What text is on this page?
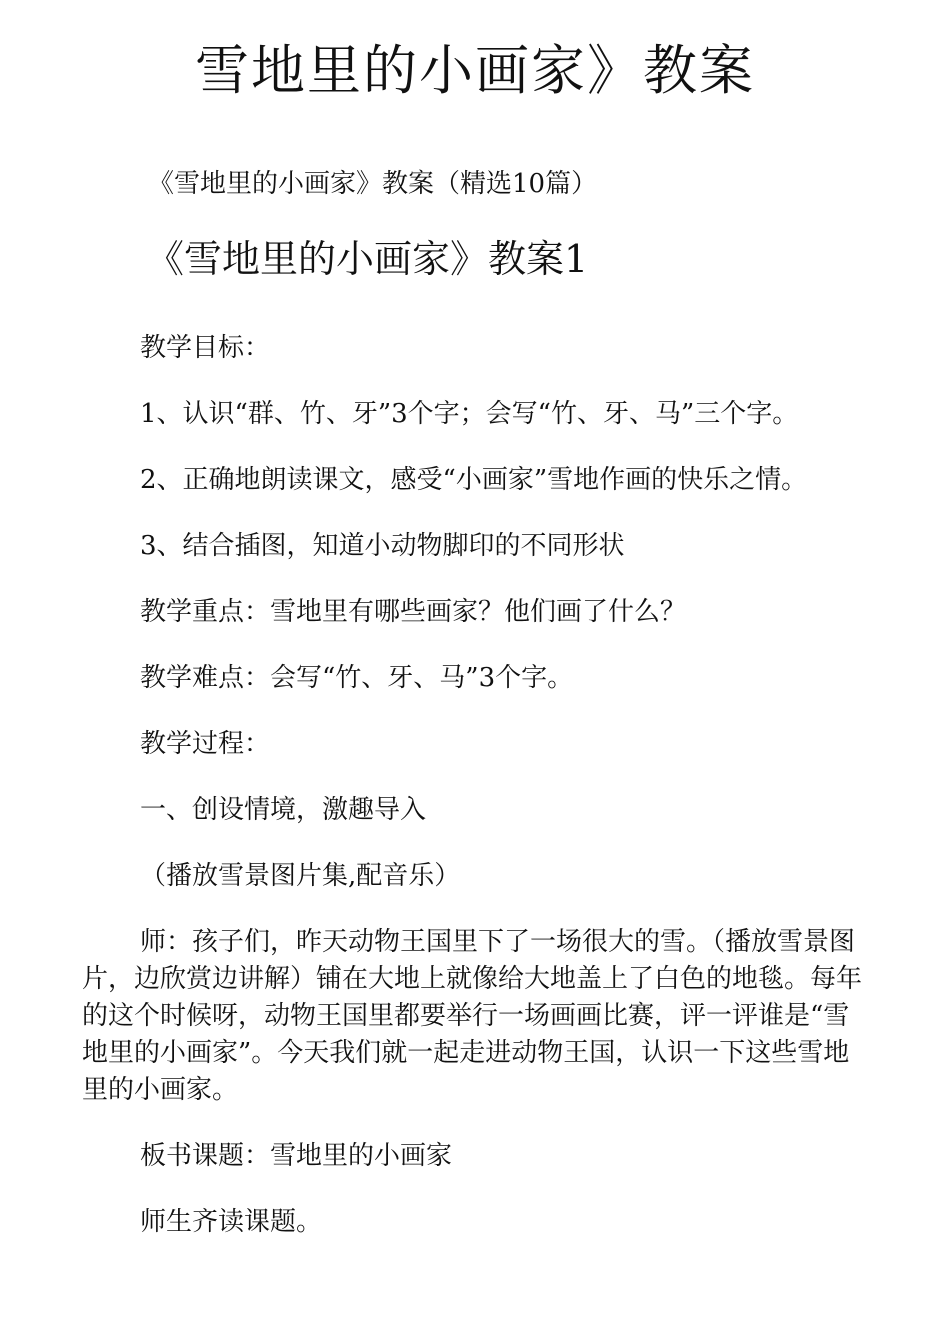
雪地里的小画家》教案

《雪地里的小画家》教案（精选10篇）

《雪地里的小画家》教案1

教学目标：

1、认识“群、竹、牙”3个字；会写“竹、牙、马”三个字。

2、正确地朗读课文，感受“小画家”雪地作画的快乐之情。

3、结合插图，知道小动物脚印的不同形状

教学重点：雪地里有哪些画家？他们画了什么？

教学难点：会写“竹、牙、马”3个字。

教学过程：

一、创设情境，激趣导入

（播放雪景图片集,配音乐）

师：孩子们，昨天动物王国里下了一场很大的雪。（播放雪景图片，边欣赏边讲解）铺在大地上就像给大地盖上了白色的地毯。每年的这个时候呀，动物王国里都要举行一场画画比赛，评一评谁是“雪地里的小画家”。今天我们就一起走进动物王国，认识一下这些雪地里的小画家。

板书课题：雪地里的小画家

师生齐读课题。
